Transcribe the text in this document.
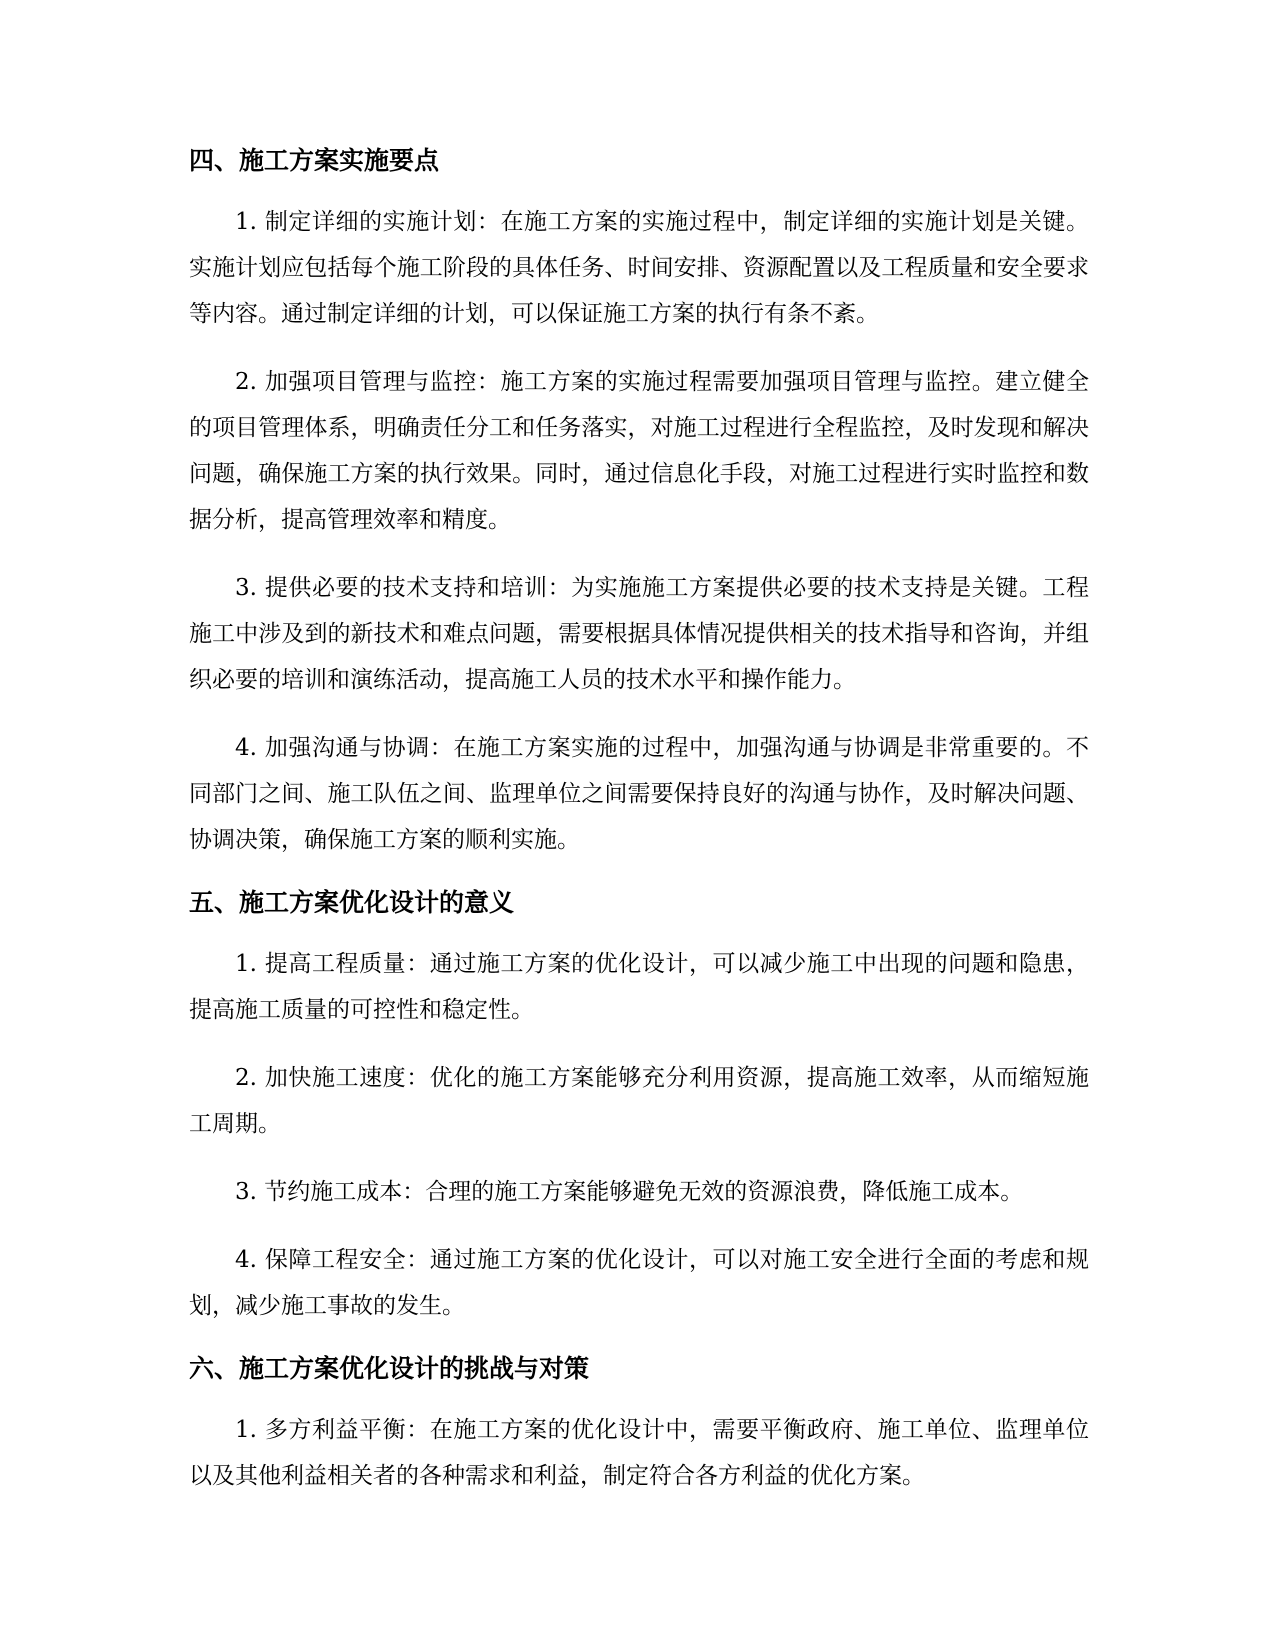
四、施工方案实施要点

1. 制定详细的实施计划：在施工方案的实施过程中，制定详细的实施计划是关键。实施计划应包括每个施工阶段的具体任务、时间安排、资源配置以及工程质量和安全要求等内容。通过制定详细的计划，可以保证施工方案的执行有条不紊。

2. 加强项目管理与监控：施工方案的实施过程需要加强项目管理与监控。建立健全的项目管理体系，明确责任分工和任务落实，对施工过程进行全程监控，及时发现和解决问题，确保施工方案的执行效果。同时，通过信息化手段，对施工过程进行实时监控和数据分析，提高管理效率和精度。

3. 提供必要的技术支持和培训：为实施施工方案提供必要的技术支持是关键。工程施工中涉及到的新技术和难点问题，需要根据具体情况提供相关的技术指导和咨询，并组织必要的培训和演练活动，提高施工人员的技术水平和操作能力。

4. 加强沟通与协调：在施工方案实施的过程中，加强沟通与协调是非常重要的。不同部门之间、施工队伍之间、监理单位之间需要保持良好的沟通与协作，及时解决问题、协调决策，确保施工方案的顺利实施。

五、施工方案优化设计的意义

1. 提高工程质量：通过施工方案的优化设计，可以减少施工中出现的问题和隐患，提高施工质量的可控性和稳定性。

2. 加快施工速度：优化的施工方案能够充分利用资源，提高施工效率，从而缩短施工周期。

3. 节约施工成本：合理的施工方案能够避免无效的资源浪费，降低施工成本。

4. 保障工程安全：通过施工方案的优化设计，可以对施工安全进行全面的考虑和规划，减少施工事故的发生。

六、施工方案优化设计的挑战与对策

1. 多方利益平衡：在施工方案的优化设计中，需要平衡政府、施工单位、监理单位以及其他利益相关者的各种需求和利益，制定符合各方利益的优化方案。
